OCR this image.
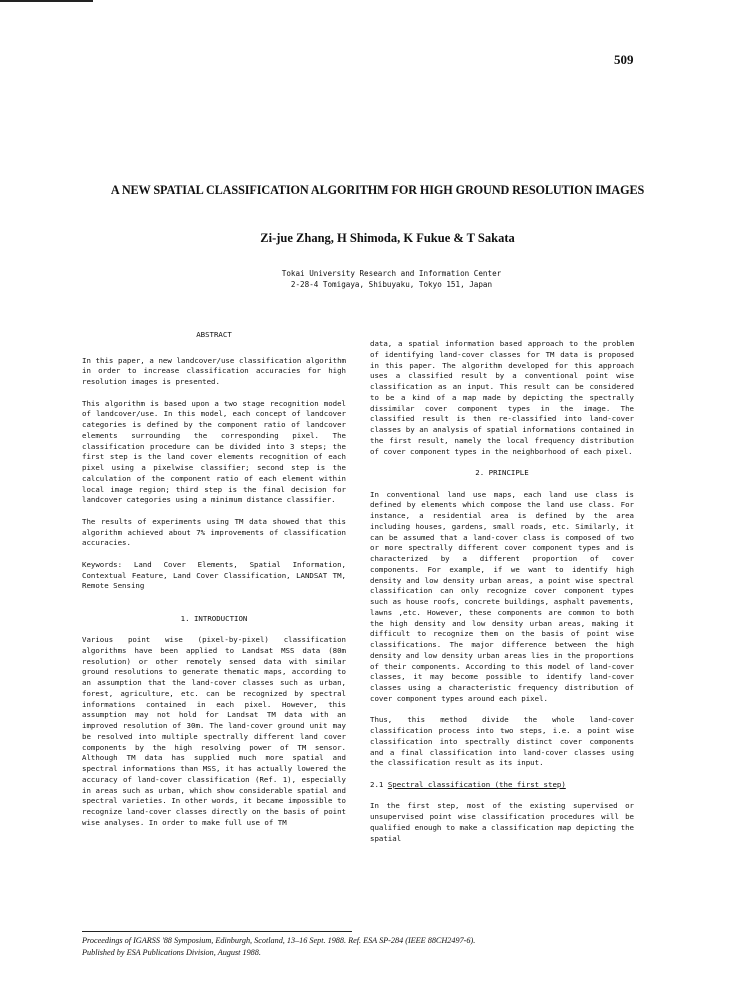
509
A NEW SPATIAL CLASSIFICATION ALGORITHM FOR HIGH GROUND RESOLUTION IMAGES
Zi-jue Zhang, H Shimoda, K Fukue & T Sakata
Tokai University Research and Information Center
2-28-4 Tomigaya, Shibuyaku, Tokyo 151, Japan
ABSTRACT

In this paper, a new landcover/use classification algorithm in order to increase classification accuracies for high resolution images is presented.

This algorithm is based upon a two stage recognition model of landcover/use. In this model, each concept of landcover categories is defined by the component ratio of landcover elements surrounding the corresponding pixel. The classification procedure can be divided into 3 steps; the first step is the land cover elements recognition of each pixel using a pixelwise classifier; second step is the calculation of the component ratio of each element within local image region; third step is the final decision for landcover categories using a minimum distance classifier.

The results of experiments using TM data showed that this algorithm achieved about 7% improvements of classification accuracies.

Keywords: Land Cover Elements, Spatial Information, Contextual Feature, Land Cover Classification, LANDSAT TM, Remote Sensing

1. INTRODUCTION

Various point wise (pixel-by-pixel) classification algorithms have been applied to Landsat MSS data (80m resolution) or other remotely sensed data with similar ground resolutions to generate thematic maps, according to an assumption that the land-cover classes such as urban, forest, agriculture, etc. can be recognized by spectral informations contained in each pixel. However, this assumption may not hold for Landsat TM data with an improved resolution of 30m. The land-cover ground unit may be resolved into multiple spectrally different land cover components by the high resolving power of TM sensor. Although TM data has supplied much more spatial and spectral informations than MSS, it has actually lowered the accuracy of land-cover classification (Ref. 1), especially in areas such as urban, which show considerable spatial and spectral varieties. In other words, it became impossible to recognize land-cover classes directly on the basis of point wise analyses. In order to make full use of TM

data, a spatial information based approach to the problem of identifying land-cover classes for TM data is proposed in this paper. The algorithm developed for this approach uses a classified result by a conventional point wise classification as an input. This result can be considered to be a kind of a map made by depicting the spectrally dissimilar cover component types in the image. The classified result is then re-classified into land-cover classes by an analysis of spatial informations contained in the first result, namely the local frequency distribution of cover component types in the neighborhood of each pixel.

2. PRINCIPLE

In conventional land use maps, each land use class is defined by elements which compose the land use class. For instance, a residential area is defined by the area including houses, gardens, small roads, etc. Similarly, it can be assumed that a land-cover class is composed of two or more spectrally different cover component types and is characterized by a different proportion of cover components. For example, if we want to identify high density and low density urban areas, a point wise spectral classification can only recognize cover component types such as house roofs, concrete buildings, asphalt pavements, lawns ,etc. However, these components are common to both the high density and low density urban areas, making it difficult to recognize them on the basis of point wise classifications. The major difference between the high density and low density urban areas lies in the proportions of their components. According to this model of land-cover classes, it may become possible to identify land-cover classes using a characteristic frequency distribution of cover component types around each pixel.

Thus, this method divide the whole land-cover classification process into two steps, i.e. a point wise classification into spectrally distinct cover components and a final classification into land-cover classes using the classification result as its input.

2.1 Spectral classification (the first step)

In the first step, most of the existing supervised or unsupervised point wise classification procedures will be qualified enough to make a classification map depicting the spatial

Proceedings of IGARSS '88 Symposium, Edinburgh, Scotland, 13–16 Sept. 1988. Ref. ESA SP-284 (IEEE 88CH2497-6).
Published by ESA Publications Division, August 1988.
